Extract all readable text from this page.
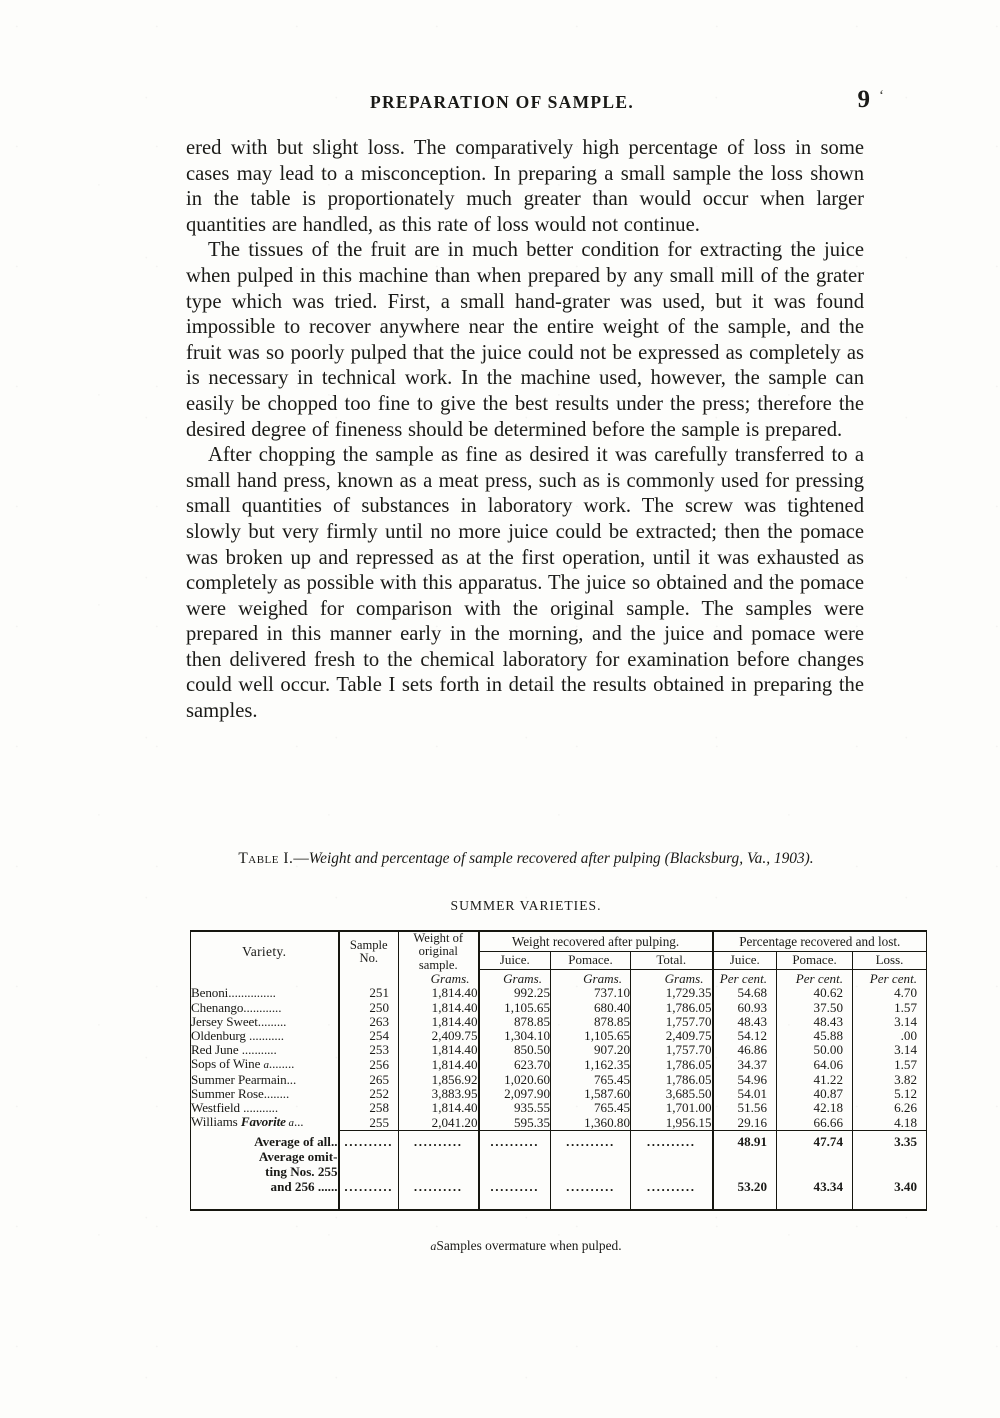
PREPARATION OF SAMPLE.	9 ‘

ered with but slight loss. The comparatively high percentage of loss in some cases may lead to a misconception. In preparing a small sample the loss shown in the table is proportionately much greater than would occur when larger quantities are handled, as this rate of loss would not continue.

The tissues of the fruit are in much better condition for extracting the juice when pulped in this machine than when prepared by any small mill of the grater type which was tried. First, a small hand-grater was used, but it was found impossible to recover anywhere near the entire weight of the sample, and the fruit was so poorly pulped that the juice could not be expressed as completely as is necessary in technical work. In the machine used, however, the sample can easily be chopped too fine to give the best results under the press; therefore the desired degree of fineness should be determined before the sample is prepared.

After chopping the sample as fine as desired it was carefully transferred to a small hand press, known as a meat press, such as is commonly used for pressing small quantities of substances in laboratory work. The screw was tightened slowly but very firmly until no more juice could be extracted; then the pomace was broken up and repressed as at the first operation, until it was exhausted as completely as possible with this apparatus. The juice so obtained and the pomace were weighed for comparison with the original sample. The samples were prepared in this manner early in the morning, and the juice and pomace were then delivered fresh to the chemical laboratory for examination before changes could well occur. Table I sets forth in detail the results obtained in preparing the samples.

Table I.—Weight and percentage of sample recovered after pulping (Blacksburg, Va., 1903).
SUMMER VARIETIES.
Variety.	Sample No.	Weight of original sample.	Weight recovered after pulping.			Percentage recovered and lost.		
			Juice.	Pomace.	Total.	Juice.	Pomace.	Loss.

		Grams.	Grams.	Grams.	Grams.	Per cent.	Per cent.	Per cent.
Benoni...............	251	1,814.40	992.25	737.10	1,729.35	54.68	40.62	4.70
Chenango............	250	1,814.40	1,105.65	680.40	1,786.05	60.93	37.50	1.57
Jersey Sweet.........	263	1,814.40	878.85	878.85	1,757.70	48.43	48.43	3.14
Oldenburg ...........	254	2,409.75	1,304.10	1,105.65	2,409.75	54.12	45.88	.00
Red June ...........	253	1,814.40	850.50	907.20	1,757.70	46.86	50.00	3.14
Sops of Wine a........	256	1,814.40	623.70	1,162.35	1,786.05	34.37	64.06	1.57
Summer Pearmain...	265	1,856.92	1,020.60	765.45	1,786.05	54.96	41.22	3.82
Summer Rose........	252	3,883.95	2,097.90	1,587.60	3,685.50	54.01	40.87	5.12
Westfield ...........	258	1,814.40	935.55	765.45	1,701.00	51.56	42.18	6.26
Williams Favorite a...	255	2,041.20	595.35	1,360.80	1,956.15	29.16	66.66	4.18

Average of all..	..........	..........	..........	..........	..........	48.91	47.74	3.35
Average omit-								
ting Nos. 255								
and 256 ......	..........	..........	..........	..........	..........	53.20	43.34	3.40

aSamples overmature when pulped.
